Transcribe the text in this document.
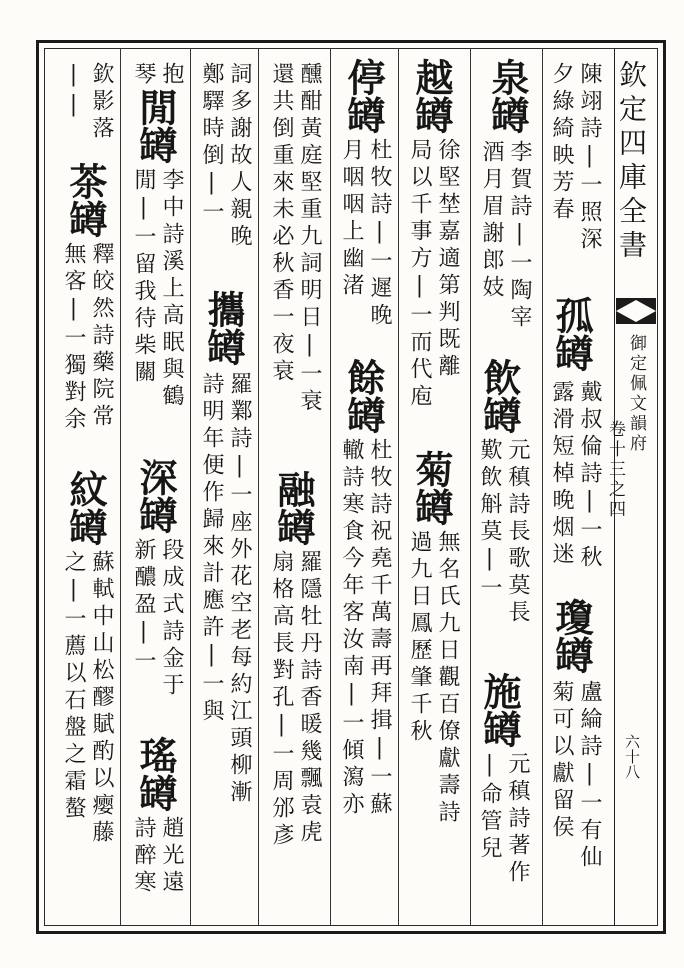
欽定四庫全書
御定佩文韻府
卷十三之四
六十八
陳翊詩|一照深
夕綠綺映芳春
泉罇
李賀詩|一陶宰
酒月眉謝郎妓
孤罇
戴叔倫詩|一秋
露滑短棹晚烟迷
瓊罇
盧綸詩|一有仙
菊可以獻留侯
飲罇
元稹詩長歌莫長
歎飲斛莫|一
施罇
元稹詩著作
|命管兒
越罇
徐堅埜嘉適第判既離
局以千事方|一而代庖
菊罇
無名氏九日觀百僚獻壽詩
過九日鳳歷肇千秋
停罇
杜牧詩|一遲晚
月咽咽上幽渚
餘罇
杜牧詩祝堯千萬壽再拜揖|一蘇
轍詩寒食今年客汝南|一傾瀉亦
醺酣黃庭堅重九詞明日|一衰
還共倒重來未必秋香一夜衰
融罇
羅隱牡丹詩香暖幾飄袁虎
扇格高長對孔|一周邠彥
詞多謝故人親晚
鄭驛時倒|一
攜罇
羅鄴詩|一座外花空老每約江頭柳漸
詩明年便作歸來計應許|一與
深罇
段成式詩金于
新醲盈|一
抱
琴
閒罇
李中詩溪上高眠與鶴
閒|一留我待柴關
瑤罇
趙光遠
詩醉寒
欽影落
||
茶罇
釋皎然詩藥院常
無客|一獨對余
紋罇
蘇軾中山松醪賦酌以瘿藤
之|一薦以石盤之霜螯
